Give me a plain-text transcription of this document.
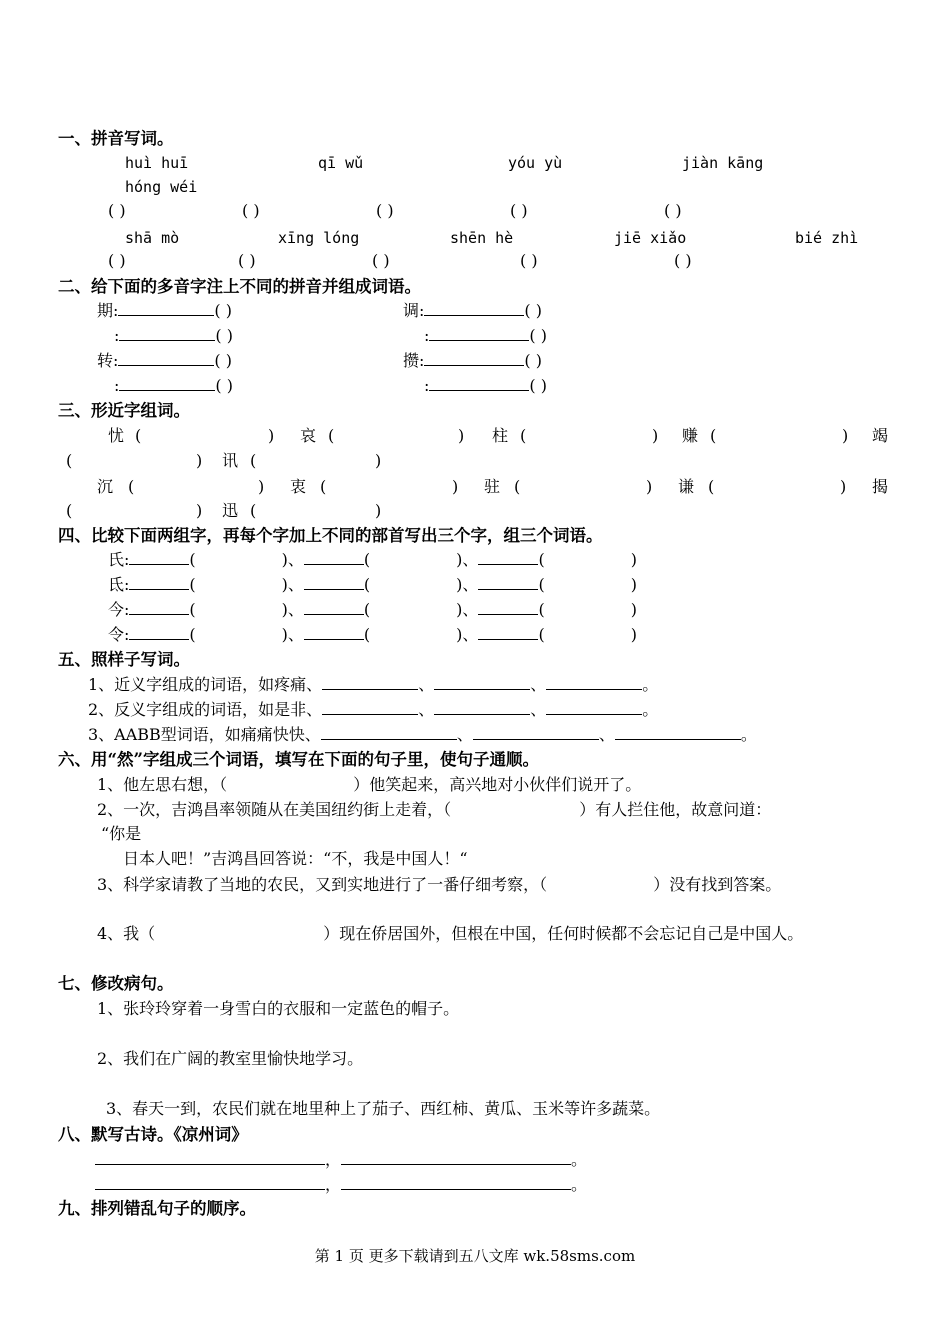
一、拼音写词。
huì huī	qī wǔ	yóu yù	jiàn kāng
hóng wéi
( )	( )	( )	( )	( )
shā mò	xīng lóng	shēn hè	jiē xiǎo	bié zhì
( )	( )	( )	( )	( )
二、给下面的多音字注上不同的拼音并组成词语。
期:	( )	调:	( )
:	( )	:	( )
转:	( )	攒:	( )
:	( )	:	( )
三、形近字组词。
忧 (	) 哀 (	) 柱 (	) 赚 (	) 竭
(	) 讯 (	)
沉 (	) 衷 (	) 驻 (	) 谦 (	) 揭
(	) 迅 (	)
四、比较下面两组字，再每个字加上不同的部首写出三个字，组三个词语。
氏:	(	)、	(	)、	(	)
氐:	(	)、	(	)、	(	)
今:	(	)、	(	)、	(	)
令:	(	)、	(	)、	(	)
五、照样子写词。
1、近义字组成的词语，如疼痛、	、	、	。
2、反义字组成的词语，如是非、	、	、	。
3、AABB型词语，如痛痛快快、	、	、	。
六、用“然”字组成三个词语，填写在下面的句子里，使句子通顺。
1、他左思右想，（	）他笑起来，高兴地对小伙伴们说开了。
2、一次，吉鸿昌率领随从在美国纽约街上走着，（	）有人拦住他，故意问道：
“你是
日本人吧！”吉鸿昌回答说：“不，我是中国人！“
3、科学家请教了当地的农民，又到实地进行了一番仔细考察，（	）没有找到答案。
4、我（	）现在侨居国外，但根在中国，任何时候都不会忘记自己是中国人。
七、修改病句。
1、张玲玲穿着一身雪白的衣服和一定蓝色的帽子。
2、我们在广阔的教室里愉快地学习。
3、春天一到，农民们就在地里种上了茄子、西红柿、黄瓜、玉米等许多蔬菜。
八、默写古诗。《凉州词》
，	。
，	。
九、排列错乱句子的顺序。
第 1 页 更多下载请到五八文库 wk.58sms.com
